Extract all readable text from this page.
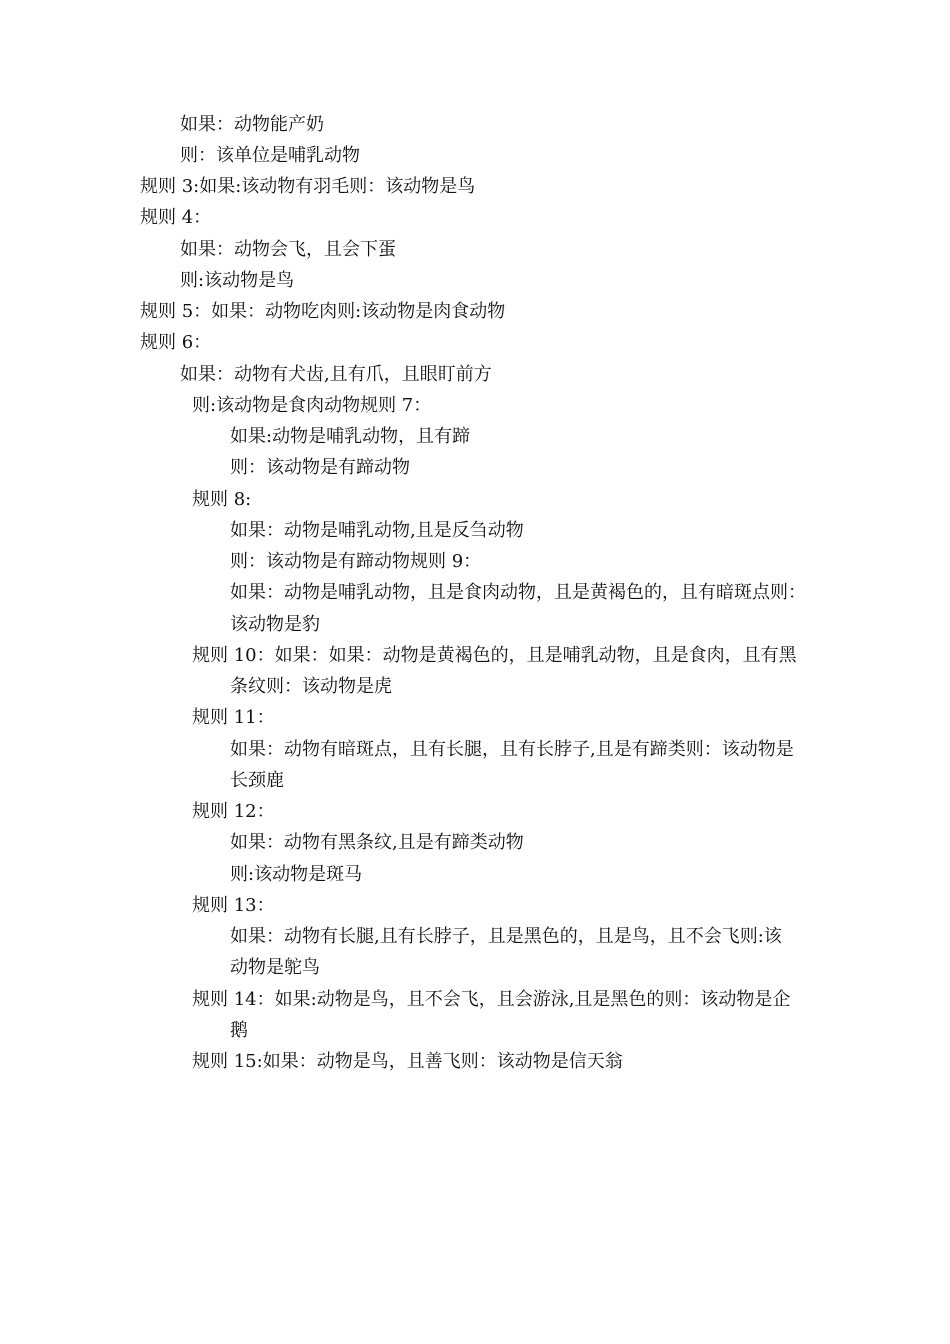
如果：动物能产奶
则：该单位是哺乳动物
规则 3:如果:该动物有羽毛则：该动物是鸟
规则 4：
如果：动物会飞，且会下蛋
则:该动物是鸟
规则 5：如果：动物吃肉则:该动物是肉食动物
规则 6：
如果：动物有犬齿,且有爪，且眼盯前方
则:该动物是食肉动物规则 7：
如果:动物是哺乳动物，且有蹄
则：该动物是有蹄动物
规则 8:
如果：动物是哺乳动物,且是反刍动物
则：该动物是有蹄动物规则 9：
如果：动物是哺乳动物，且是食肉动物，且是黄褐色的，且有暗斑点则：
该动物是豹
规则 10：如果：如果：动物是黄褐色的，且是哺乳动物，且是食肉，且有黑
条纹则：该动物是虎
规则 11：
如果：动物有暗斑点，且有长腿，且有长脖子,且是有蹄类则：该动物是
长颈鹿
规则 12：
如果：动物有黑条纹,且是有蹄类动物
则:该动物是斑马
规则 13：
如果：动物有长腿,且有长脖子，且是黑色的，且是鸟，且不会飞则:该
动物是鸵鸟
规则 14：如果:动物是鸟，且不会飞，且会游泳,且是黑色的则：该动物是企
鹅
规则 15:如果：动物是鸟，且善飞则：该动物是信天翁
